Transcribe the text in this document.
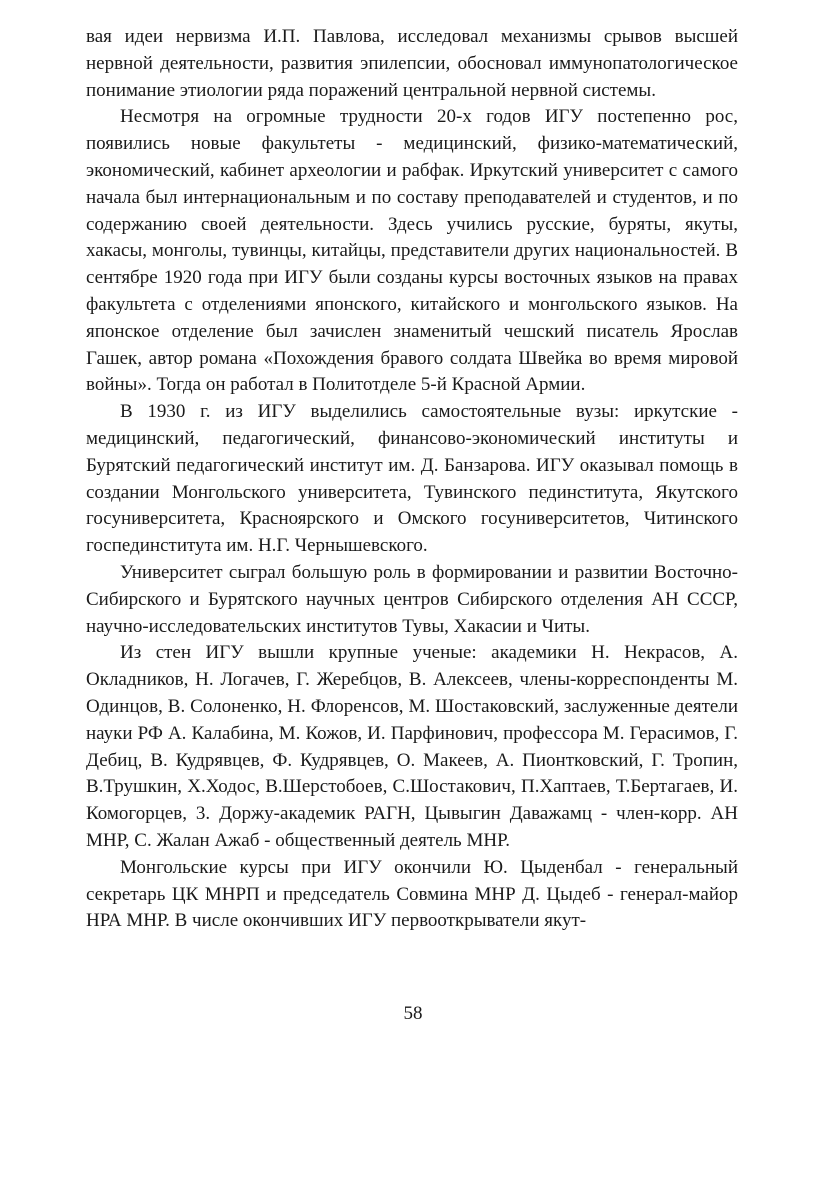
вая идеи нервизма И.П. Павлова, исследовал механизмы срывов высшей нервной деятельности, развития эпилепсии, обосновал иммунопатологическое понимание этиологии ряда поражений центральной нервной системы.

Несмотря на огромные трудности 20-х годов ИГУ постепенно рос, появились новые факультеты - медицинский, физико-математический, экономический, кабинет археологии и рабфак. Иркутский университет с самого начала был интернациональным и по составу преподавателей и студентов, и по содержанию своей деятельности. Здесь учились русские, буряты, якуты, хакасы, монголы, тувинцы, китайцы, представители других национальностей. В сентябре 1920 года при ИГУ были созданы курсы восточных языков на правах факультета с отделениями японского, китайского и монгольского языков. На японское отделение был зачислен знаменитый чешский писатель Ярослав Гашек, автор романа «Похождения бравого солдата Швейка во время мировой войны». Тогда он работал в Политотделе 5-й Красной Армии.

В 1930 г. из ИГУ выделились самостоятельные вузы: иркутские - медицинский, педагогический, финансово-экономический институты и Бурятский педагогический институт им. Д. Банзарова. ИГУ оказывал помощь в создании Монгольского университета, Тувинского пединститута, Якутского госуниверситета, Красноярского и Омского госуниверситетов, Читинского госпединститута им. Н.Г. Чернышевского.

Университет сыграл большую роль в формировании и развитии Восточно-Сибирского и Бурятского научных центров Сибирского отделения АН СССР, научно-исследовательских институтов Тувы, Хакасии и Читы.

Из стен ИГУ вышли крупные ученые: академики Н. Некрасов, А. Окладников, Н. Логачев, Г. Жеребцов, В. Алексеев, члены-корреспонденты М. Одинцов, В. Солоненко, Н. Флоренсов, М. Шостаковский, заслуженные деятели науки РФ А. Калабина, М. Кожов, И. Парфинович, профессора М. Герасимов, Г. Дебиц, В. Кудрявцев, Ф. Кудрявцев, О. Макеев, А. Пионтковский, Г. Тропин, В.Трушкин, Х.Ходос, В.Шерстобоев, С.Шостакович, П.Хаптаев, Т.Бертагаев, И. Комогорцев, 3. Доржу-академик РАГН, Цывыгин Даважамц - член-корр. АН МНР, С. Жалан Ажаб - общественный деятель МНР.

Монгольские курсы при ИГУ окончили Ю. Цыденбал - генеральный секретарь ЦК МНРП и председатель Совмина МНР Д. Цыдеб - генерал-майор НРА МНР. В числе окончивших ИГУ первооткрыватели якут-

58
